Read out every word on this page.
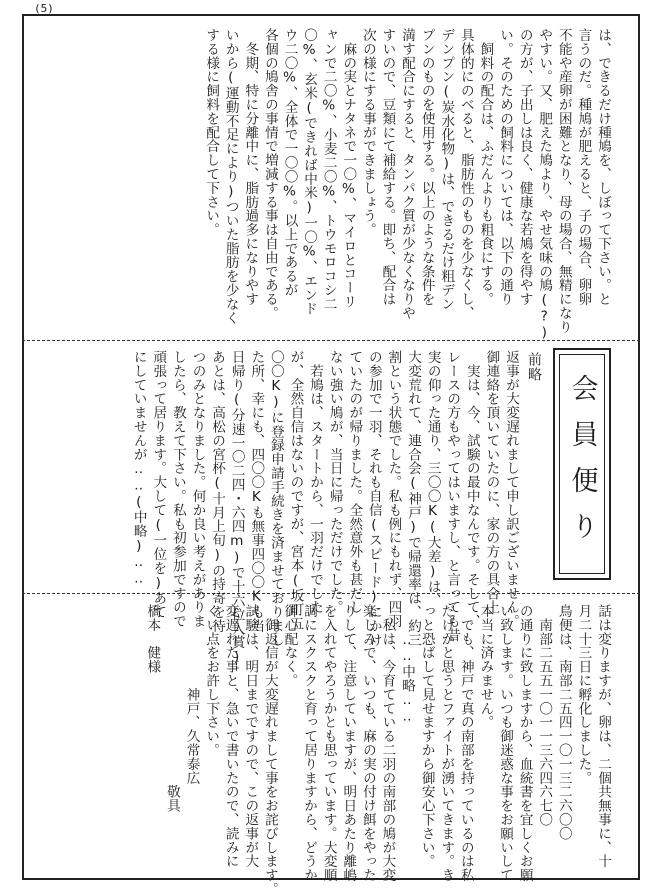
(5)
は、できるだけ種鳩を、しぼって下さい。と
言うのだ。種鳩が肥えると、子の場合、卵卵
不能や産卵が困難となり、母の場合、無精になり
やすい。又、肥えた鳩より、やせ気味の鳩(?)
の方が、子出しは良く、健康な若鳩を得やす
い。そのための飼料については、以下の通り
　飼料の配合は、ふだんよりも粗食にする。
具体的にのべると、脂肪性のものを少なくし、
デンプン(炭水化物)は、できるだけ粗デン
プンのものを使用する。以上のような条件を
満す配合にすると、タンパク質が少なくなりや
すいので、豆類にて補給する。即ち、配合は
次の様にする事ができましょう。
　麻の実とナタネで一〇%、マイロとコーリ
ャンで二〇%、小麦二〇%、トウモロコシ二
〇%、玄米(できれば中米)一〇%、エンド
ウ二〇%、全体で一〇〇%。以上であるが
各個の鳩舎の事情で増減する事は自由である。
　冬期、特に分離中に、脂肪過多になりやす
いから(運動不足により)ついた脂肪を少なく
する様に飼料を配合して下さい。
会員便り
前略
返事が大変遅れまして申し訳ございません。
御連絡を頂いていたのに、家の方の具合上
　実は、今、試験の最中なんです。そして、
レースの方もやってはいますし、と言っても昔
実の仰った通り、三〇〇K(大差)は、
大変荒れて、連合会(神戸)で帰還率は、約三
割という状態でした。私も例にもれず、四羽
の参加で一羽、それも自信(スピード)にかけ
ていたのが帰りました。全然意外も甚だし
ない強い鳩が、当日に帰っただけでした。
　若鳩は、スタートから、一羽だけでした
が、全然自信はないのですが、宮本(坂町五
〇〇K)に登録申請手続きを済ませておりまし
た所、幸にも、四〇〇Kも無事四〇〇Kも当
日帰り(分速一〇二四・六四m)で十六位入賞)
あとは、高松の宮杯(十月上旬)の持寄を待
つのみとなりました。何か良い考えがありま
したら、教えて下さい。私も初参加ですので
頑張って居ります。大して(一位を)あて
にしていませんが‥‥(中略)‥‥
話は変りますが、卵は、二個共無事に、十
月二十三日に孵化しました。
鳥便は、南部二五四一〇一三二六〇〇
　南部二五五一〇一一三六四六七〇
の通りに致しますから、血統書を宜しくお願
い致します。いつも御迷惑な事をお願いして
本当に済みません。
　でも、神戸で真の南部を持っているのは私
だけかと思うとファイトが湧いてきます。き
っと恐ばして見せますから御安心下さい。
　　‥‥中略‥‥
　私は、今育てている二羽の南部の鳩が大変
楽しみで、いつも、麻の実の付け餌をやった
りして、注意していますが、明日あたり離嶋
を入れてやろうかとも思っています。大変順
調にスクスクと育って居りますから、どうか
御心配なく。
　御返信が大変遅れまして事をお詫びします。
試験は、明日までですので、この返事が大
変遅れた事と、急いで書いたので、読みに
くい点をお許し下さい。
　　　　　　神戸、久常泰広
　　　　　　　　　　　　　敬具
橋本　健様
